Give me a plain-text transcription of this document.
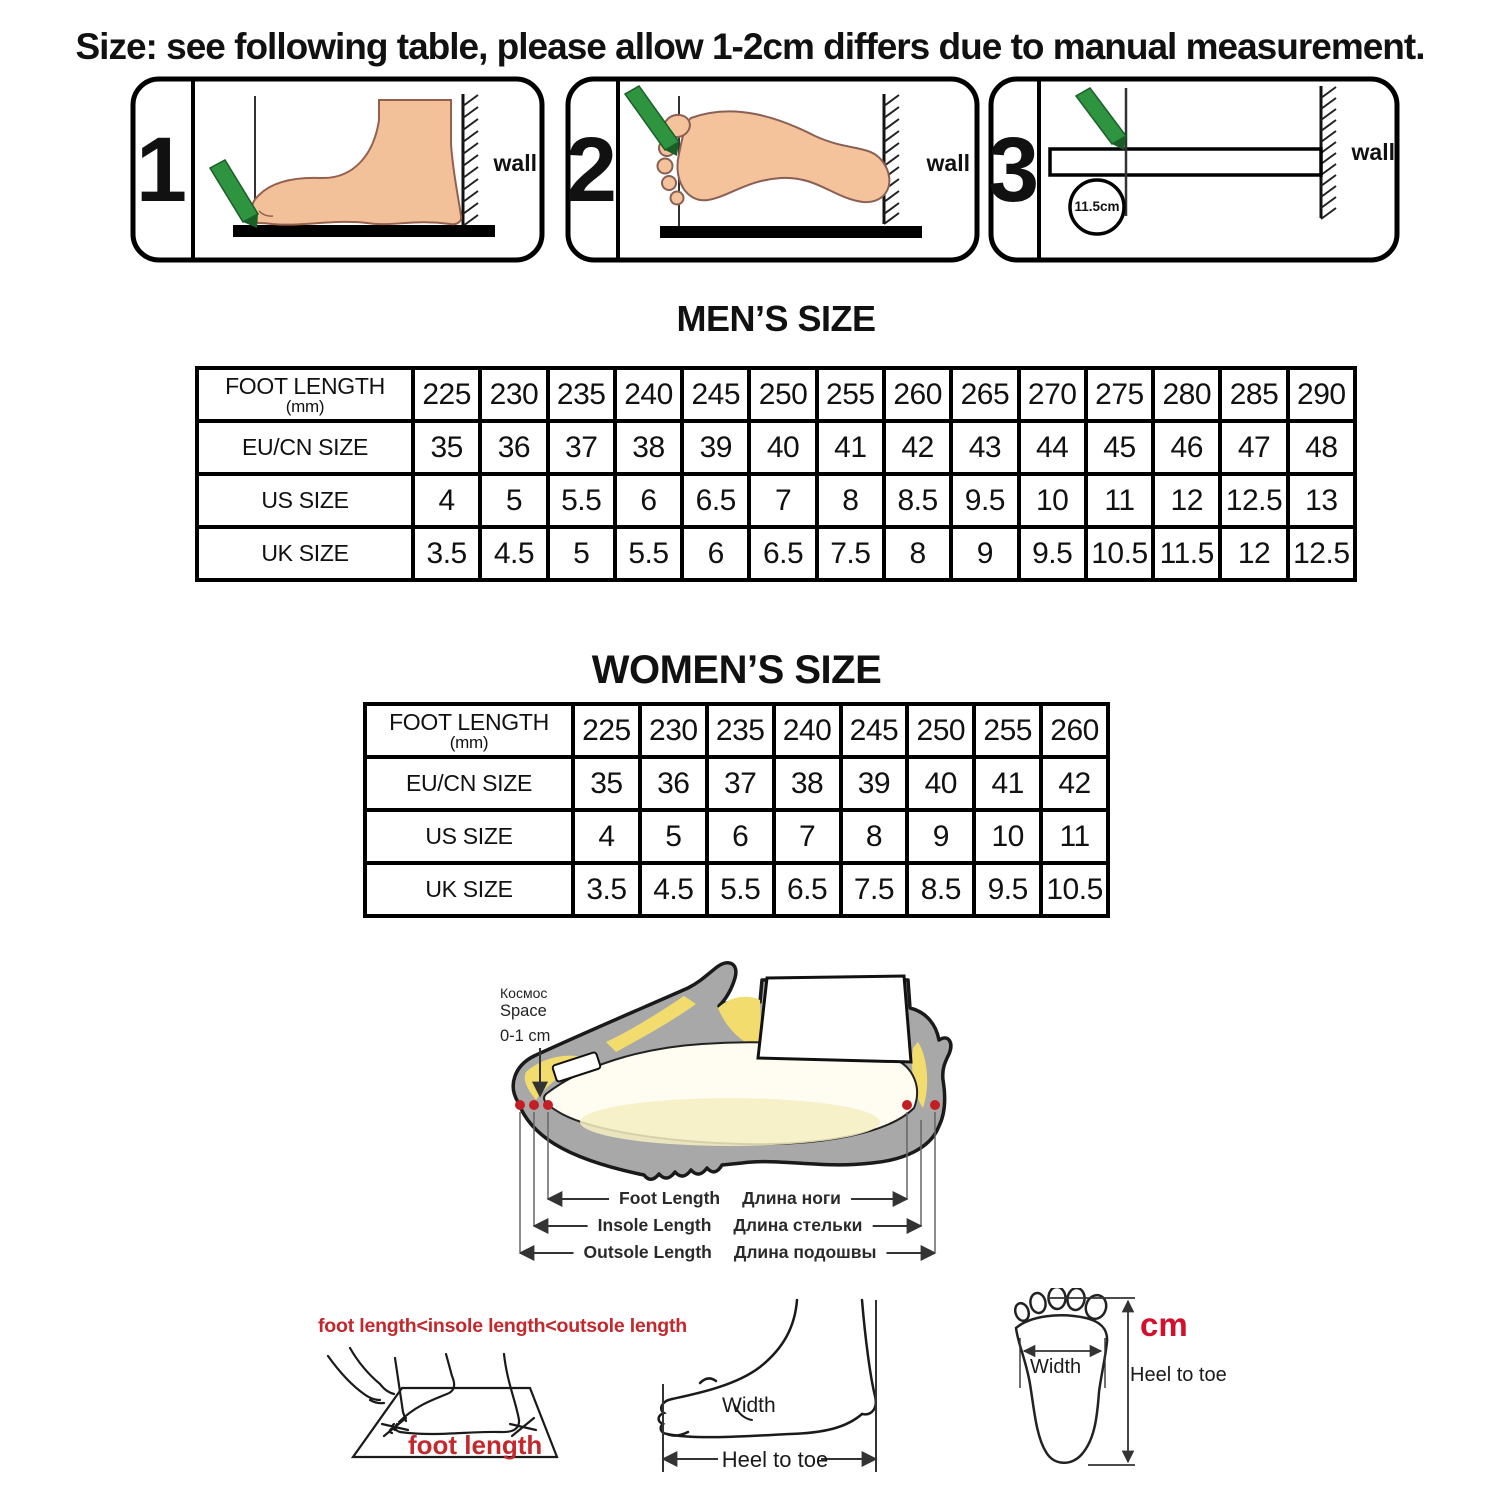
Size: see following table, please allow 1-2cm differs due to manual measurement.
1	wall 2	wall 3	11.5cm
wall
MEN’S SIZE
FOOT LENGTH
(mm)	225	230	235	240	245	250	255	260	265	270	275	280	285	290

EU/CN SIZE	35	36	37	38	39	40	41	42	43	44	45	46	47	48

US SIZE	4	5	5.5	6	6.5	7	8	8.5	9.5	10	11	12	12.5	13

UK SIZE	3.5	4.5	5	5.5	6	6.5	7.5	8	9	9.5	10.5	11.5	12	12.5
WOMEN’S SIZE
FOOT LENGTH
(mm)	225	230	235	240	245	250	255	260

EU/CN SIZE	35	36	37	38	39	40	41	42

US SIZE	4	5	6	7	8	9	10	11

UK SIZE	3.5	4.5	5.5	6.5	7.5	8.5	9.5	10.5
Космос
Space
0-1 cm
Foot Length Длина ноги
Insole Length Длина стельки
Outsole Length Длина подошвы
foot length<insole length<outsole length
foot length
Width
Heel to toe
Width
cm
Heel to toe
